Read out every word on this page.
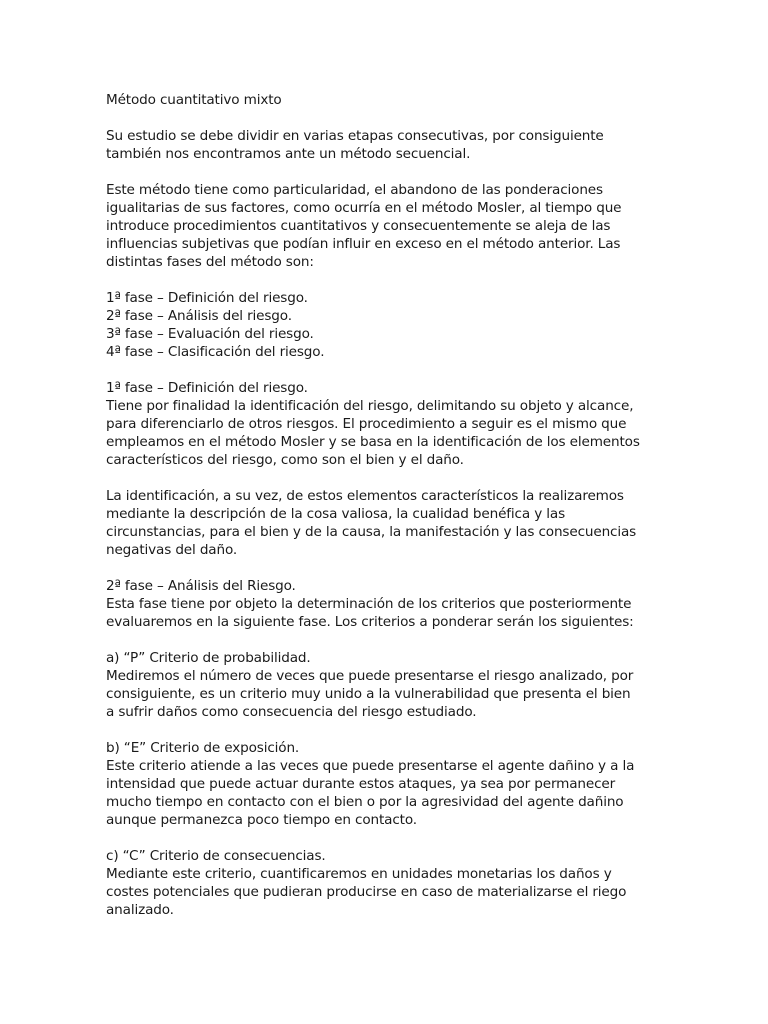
Método cuantitativo mixto
Su estudio se debe dividir en varias etapas consecutivas, por consiguiente
también nos encontramos ante un método secuencial.
Este método tiene como particularidad, el abandono de las ponderaciones
igualitarias de sus factores, como ocurría en el método Mosler, al tiempo que
introduce procedimientos cuantitativos y consecuentemente se aleja de las
influencias subjetivas que podían influir en exceso en el método anterior. Las
distintas fases del método son:
1ª fase – Definición del riesgo.
2ª fase – Análisis del riesgo.
3ª fase – Evaluación del riesgo.
4ª fase – Clasificación del riesgo.
1ª fase – Definición del riesgo.
Tiene por finalidad la identificación del riesgo, delimitando su objeto y alcance,
para diferenciarlo de otros riesgos. El procedimiento a seguir es el mismo que
empleamos en el método Mosler y se basa en la identificación de los elementos
característicos del riesgo, como son el bien y el daño.
La identificación, a su vez, de estos elementos característicos la realizaremos
mediante la descripción de la cosa valiosa, la cualidad benéfica y las
circunstancias, para el bien y de la causa, la manifestación y las consecuencias
negativas del daño.
2ª fase – Análisis del Riesgo.
Esta fase tiene por objeto la determinación de los criterios que posteriormente
evaluaremos en la siguiente fase. Los criterios a ponderar serán los siguientes:
a) “P” Criterio de probabilidad.
Mediremos el número de veces que puede presentarse el riesgo analizado, por
consiguiente, es un criterio muy unido a la vulnerabilidad que presenta el bien
a sufrir daños como consecuencia del riesgo estudiado.
b) “E” Criterio de exposición.
Este criterio atiende a las veces que puede presentarse el agente dañino y a la
intensidad que puede actuar durante estos ataques, ya sea por permanecer
mucho tiempo en contacto con el bien o por la agresividad del agente dañino
aunque permanezca poco tiempo en contacto.
c) “C” Criterio de consecuencias.
Mediante este criterio, cuantificaremos en unidades monetarias los daños y
costes potenciales que pudieran producirse en caso de materializarse el riego
analizado.
